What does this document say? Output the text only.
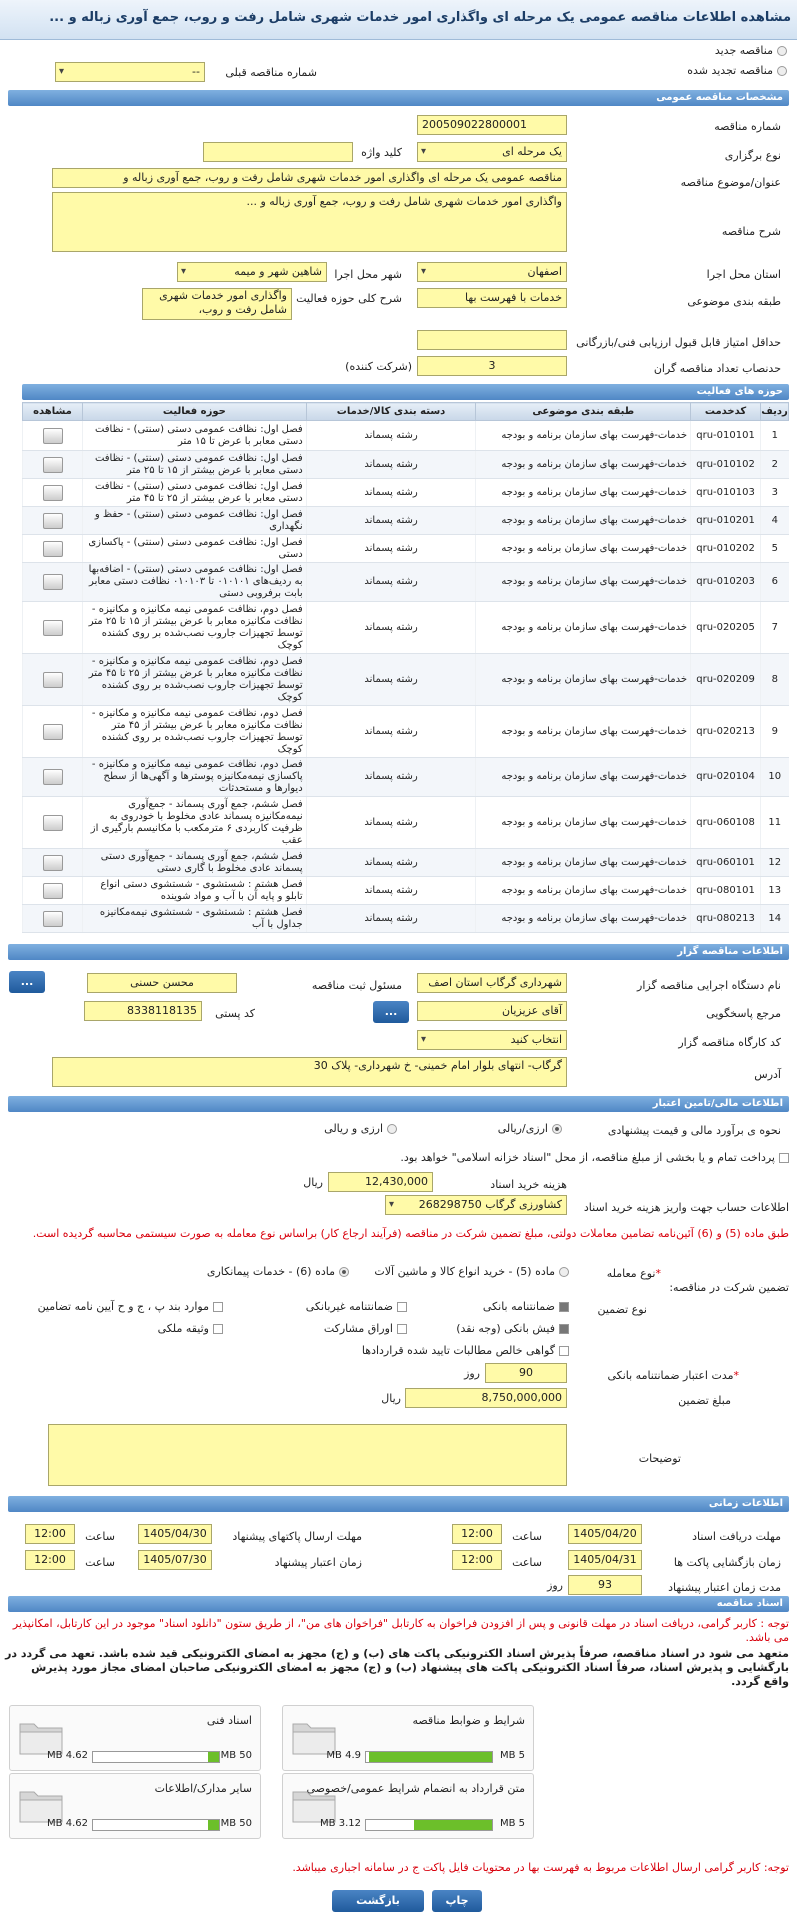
مشاهده اطلاعات مناقصه عمومی یک مرحله ای واگذاری امور خدمات شهری شامل رفت و روب، جمع آوری زباله و ...
مناقصه جدید
مناقصه تجدید شده
شماره مناقصه قبلی
▾ --
مشخصات مناقصه عمومی
شماره مناقصه
200509022800001
نوع برگزاری
▾ یک مرحله ای
کلید واژه
عنوان/موضوع مناقصه
مناقصه عمومی یک مرحله ای واگذاری امور خدمات شهری شامل رفت و روب، جمع آوری زباله و
شرح مناقصه
واگذاری امور خدمات شهری شامل رفت و روب، جمع آوری زباله و ...
استان محل اجرا
▾ اصفهان
شهر محل اجرا
▾ شاهین شهر و میمه
طبقه بندی موضوعی
خدمات با فهرست بها
شرح کلی حوزه فعالیت
واگذاری امور خدمات شهری شامل رفت و روب،
حداقل امتیاز قابل قبول ارزیابی فنی/بازرگانی
حدنصاب تعداد مناقصه گران
3
(شرکت کننده)
حوزه های فعالیت
ردیف	کدخدمت	طبقه بندی موضوعی	دسته بندی کالا/خدمات	حوزه فعالیت	مشاهده
1	qru-010101	خدمات-فهرست بهای سازمان برنامه و بودجه	رشته پسماند	فصل اول: نظافت عمومی دستی (سنتی) - نظافت دستی معابر با عرض تا ۱۵ متر	
2	qru-010102	خدمات-فهرست بهای سازمان برنامه و بودجه	رشته پسماند	فصل اول: نظافت عمومی دستی (سنتی) - نظافت دستی معابر با عرض بیشتر از ۱۵ تا ۲۵ متر	
3	qru-010103	خدمات-فهرست بهای سازمان برنامه و بودجه	رشته پسماند	فصل اول: نظافت عمومی دستی (سنتی) - نظافت دستی معابر با عرض بیشتر از ۲۵ تا ۴۵ متر	
4	qru-010201	خدمات-فهرست بهای سازمان برنامه و بودجه	رشته پسماند	فصل اول: نظافت عمومی دستی (سنتی) - حفظ و نگهداری	
5	qru-010202	خدمات-فهرست بهای سازمان برنامه و بودجه	رشته پسماند	فصل اول: نظافت عمومی دستی (سنتی) - پاکسازی دستی	
6	qru-010203	خدمات-فهرست بهای سازمان برنامه و بودجه	رشته پسماند	فصل اول: نظافت عمومی دستی (سنتی) - اضافه‌بها به ردیف‌های ۰۱۰۱۰۱ تا ۰۱۰۱۰۳ نظافت دستی معابر بابت برفروبی دستی	
7	qru-020205	خدمات-فهرست بهای سازمان برنامه و بودجه	رشته پسماند	فصل دوم، نظافت عمومی نیمه مکانیزه و مکانیزه - نظافت مکانیزه معابر با عرض بیشتر از ۱۵ تا ۲۵ متر توسط تجهیزات جاروب نصب‌شده بر روی کشنده کوچک	
8	qru-020209	خدمات-فهرست بهای سازمان برنامه و بودجه	رشته پسماند	فصل دوم، نظافت عمومی نیمه مکانیزه و مکانیزه - نظافت مکانیزه معابر با عرض بیشتر از ۲۵ تا ۴۵ متر توسط تجهیزات جاروب نصب‌شده بر روی کشنده کوچک	
9	qru-020213	خدمات-فهرست بهای سازمان برنامه و بودجه	رشته پسماند	فصل دوم، نظافت عمومی نیمه مکانیزه و مکانیزه - نظافت مکانیزه معابر با عرض بیشتر از ۴۵ متر توسط تجهیزات جاروب نصب‌شده بر روی کشنده کوچک	
10	qru-020104	خدمات-فهرست بهای سازمان برنامه و بودجه	رشته پسماند	فصل دوم، نظافت عمومی نیمه مکانیزه و مکانیزه - پاکسازی نیمه‌مکانیزه پوسترها و آگهی‌ها از سطح دیوارها و مستحدثات	
11	qru-060108	خدمات-فهرست بهای سازمان برنامه و بودجه	رشته پسماند	فصل ششم، جمع آوری پسماند - جمع‌آوری نیمه‌مکانیزه پسماند عادی مخلوط با خودروی به ظرفیت کاربردی ۶ مترمکعب با مکانیسم بارگیری از عقب	
12	qru-060101	خدمات-فهرست بهای سازمان برنامه و بودجه	رشته پسماند	فصل ششم، جمع آوری پسماند - جمع‌آوری دستی پسماند عادی مخلوط با گاری دستی	
13	qru-080101	خدمات-فهرست بهای سازمان برنامه و بودجه	رشته پسماند	فصل هشتم : شستشوی - شستشوی دستی انواع تابلو و پایه آن با آب و مواد شوینده	
14	qru-080213	خدمات-فهرست بهای سازمان برنامه و بودجه	رشته پسماند	فصل هشتم : شستشوی - شستشوی نیمه‌مکانیزه جداول با آب	
اطلاعات مناقصه گزار
نام دستگاه اجرایی مناقصه گزار
شهرداری گرگاب استان اصف
مسئول ثبت مناقصه
محسن حسنی
...
مرجع پاسخگویی
آقای عزیزیان
...
کد پستی
8338118135
کد کارگاه مناقصه گزار
▾ انتخاب کنید
آدرس
گرگاب- انتهای بلوار امام خمینی- خ شهرداری- پلاک 30
اطلاعات مالی/تامین اعتبار
نحوه ی برآورد مالی و قیمت پیشنهادی
ارزی/ریالی
ارزی و ریالی
پرداخت تمام و یا بخشی از مبلغ مناقصه، از محل "اسناد خزانه اسلامی" خواهد بود.
هزینه خرید اسناد
12,430,000
ریال
اطلاعات حساب جهت واریز هزینه خرید اسناد
▾ کشاورزی گرگاب 268298750
طبق ماده (5) و (6) آئین‌نامه تضامین معاملات دولتی، مبلغ تضمین شرکت در مناقصه (فرآیند ارجاع کار) براساس نوع معامله به صورت سیستمی محاسبه گردیده است.
تضمین شرکت در مناقصه:
*نوع معامله
ماده (5) - خرید انواع کالا و ماشین آلات
ماده (6) - خدمات پیمانکاری
نوع تضمین
ضمانتنامه بانکی
ضمانتنامه غیربانکی
موارد بند پ ، ج و ح آیین نامه تضامین
فیش بانکی (وجه نقد)
اوراق مشارکت
وثیقه ملکی
گواهی خالص مطالبات تایید شده قراردادها
*مدت اعتبار ضمانتنامه بانکی
90
روز
مبلغ تضمین
8,750,000,000
ریال
توضیحات
اطلاعات زمانی
مهلت دریافت اسناد
1405/04/20
ساعت
12:00
مهلت ارسال پاکتهای پیشنهاد
1405/04/30
ساعت
12:00
زمان بازگشایی پاکت ها
1405/04/31
ساعت
12:00
زمان اعتبار پیشنهاد
1405/07/30
ساعت
12:00
مدت زمان اعتبار پیشنهاد
93
روز
اسناد مناقصه
توجه : کاربر گرامی، دریافت اسناد در مهلت قانونی و پس از افزودن فراخوان به کارتابل "فراخوان های من"، از طریق ستون "دانلود اسناد" موجود در این کارتابل، امکانپذیر می باشد.
متعهد می شود در اسناد مناقصه، صرفاً پذیرش اسناد الکترونیکی پاکت های (ب) و (ج) مجهز به امضای الکترونیکی قید شده باشد. تعهد می گردد در بارگشایی و پذیرش اسناد، صرفاً اسناد الکترونیکی پاکت های پیشنهاد (ب) و (ج) مجهز به امضای الکترونیکی صاحبان امضای مجاز مورد پذیرش واقع گردد.
شرایط و ضوابط مناقصه
5 MB
4.9 MB
اسناد فنی
50 MB
4.62 MB
متن قرارداد به انضمام شرایط عمومی/خصوصی
5 MB
3.12 MB
سایر مدارک/اطلاعات
50 MB
4.62 MB
توجه: کاربر گرامی ارسال اطلاعات مربوط به فهرست بها در محتویات فایل پاکت ج در سامانه اجباری میباشد.
بازگشت	چاپ
